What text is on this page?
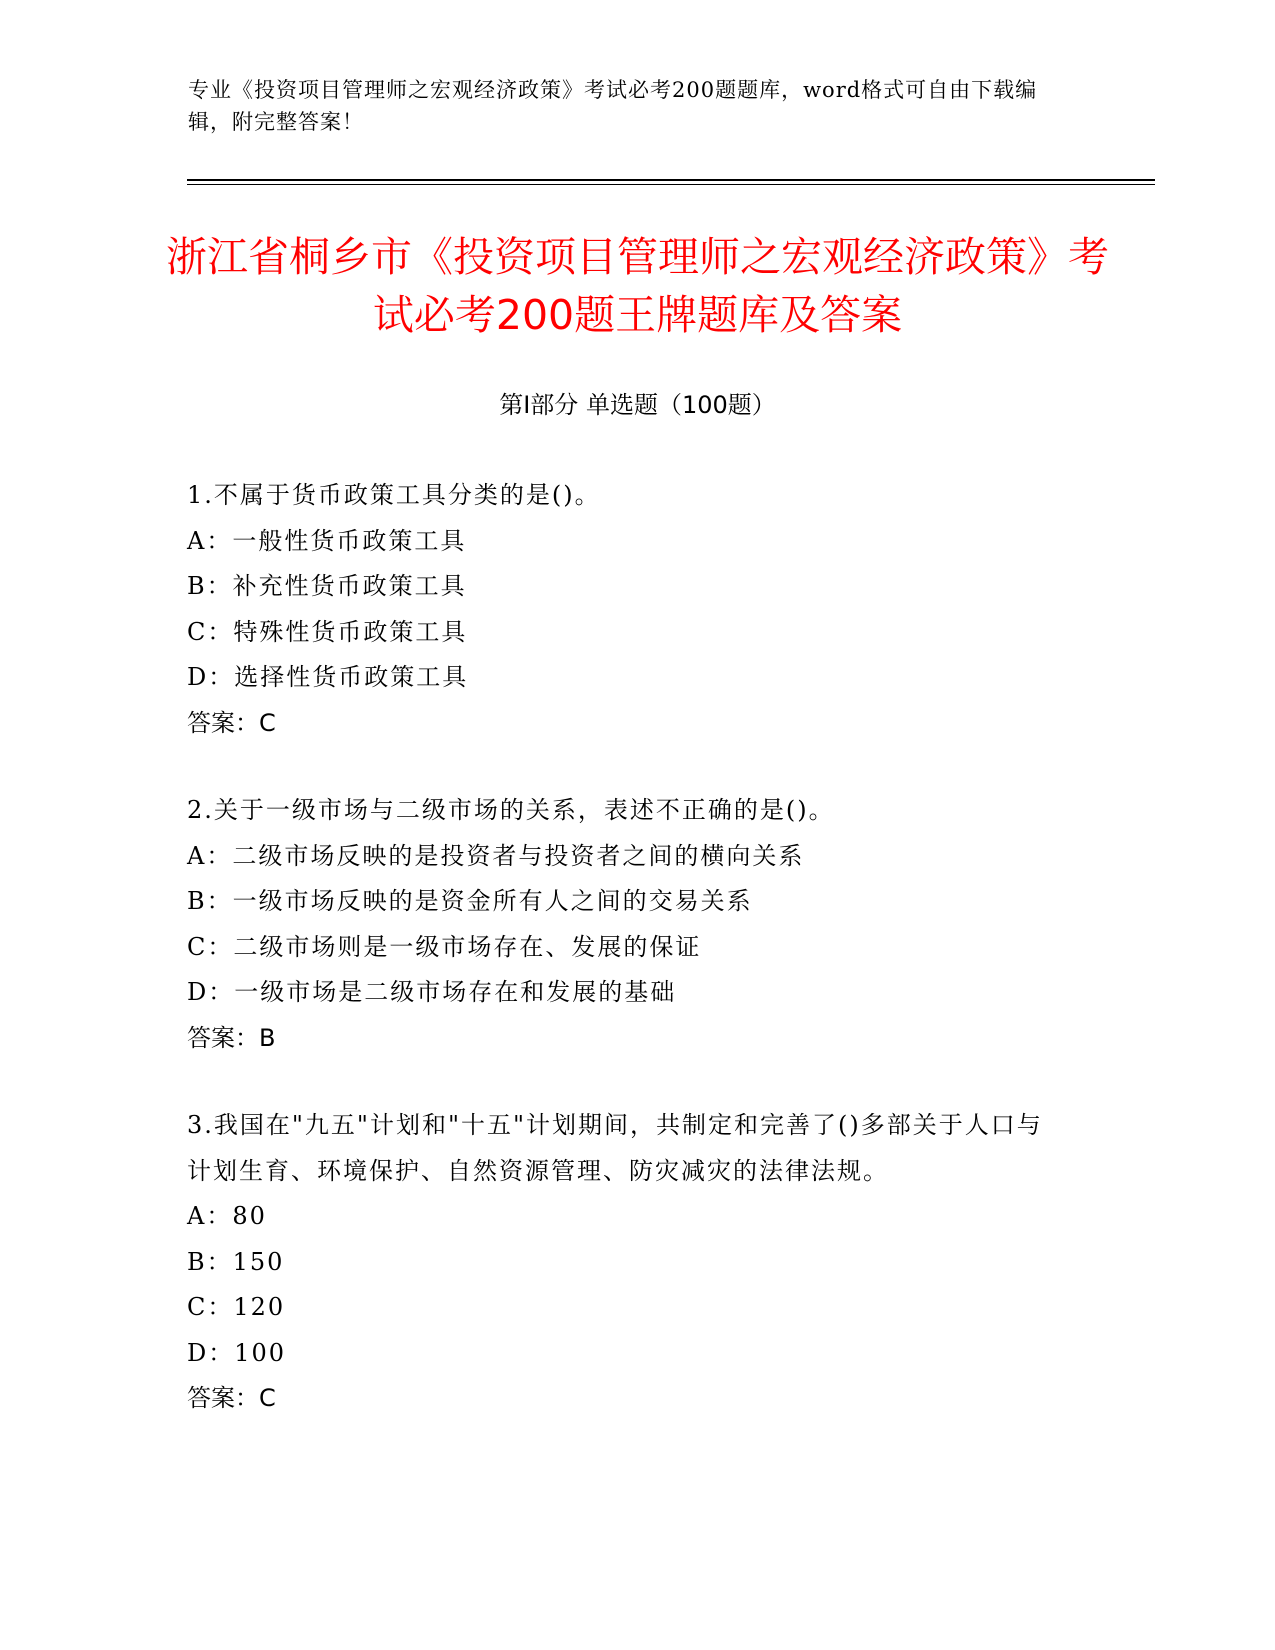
专业《投资项目管理师之宏观经济政策》考试必考200题题库，word格式可自由下载编辑，附完整答案！
浙江省桐乡市《投资项目管理师之宏观经济政策》考试必考200题王牌题库及答案
第Ⅰ部分 单选题（100题）
1.不属于货币政策工具分类的是()。
A：一般性货币政策工具
B：补充性货币政策工具
C：特殊性货币政策工具
D：选择性货币政策工具
答案：C
2.关于一级市场与二级市场的关系，表述不正确的是()。
A：二级市场反映的是投资者与投资者之间的横向关系
B：一级市场反映的是资金所有人之间的交易关系
C：二级市场则是一级市场存在、发展的保证
D：一级市场是二级市场存在和发展的基础
答案：B
3.我国在"九五"计划和"十五"计划期间，共制定和完善了()多部关于人口与计划生育、环境保护、自然资源管理、防灾减灾的法律法规。
A：80
B：150
C：120
D：100
答案：C
